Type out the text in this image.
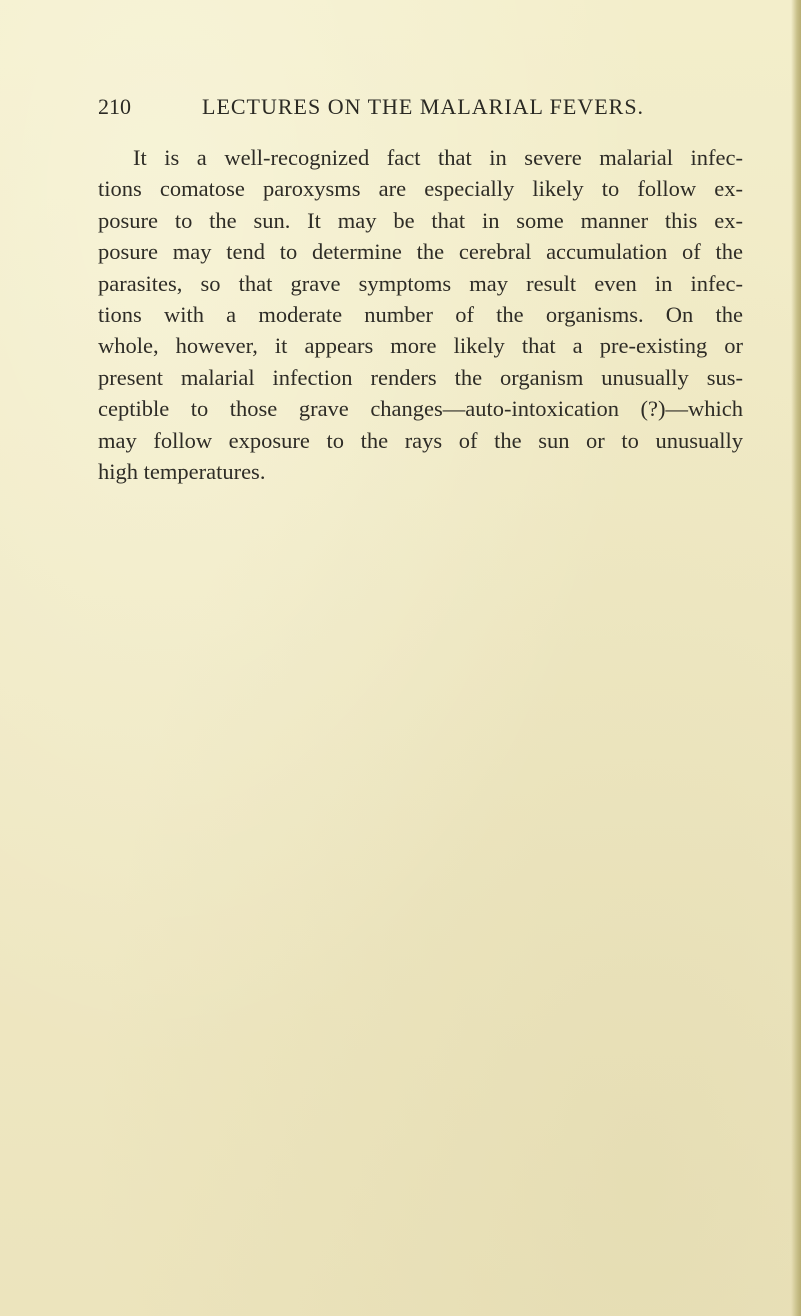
210	LECTURES ON THE MALARIAL FEVERS.
It is a well-recognized fact that in severe malarial infec-
tions comatose paroxysms are especially likely to follow ex-
posure to the sun. It may be that in some manner this ex-
posure may tend to determine the cerebral accumulation of the
parasites, so that grave symptoms may result even in infec-
tions with a moderate number of the organisms. On the
whole, however, it appears more likely that a pre-existing or
present malarial infection renders the organism unusually sus-
ceptible to those grave changes—auto-intoxication (?)—which
may follow exposure to the rays of the sun or to unusually
high temperatures.
